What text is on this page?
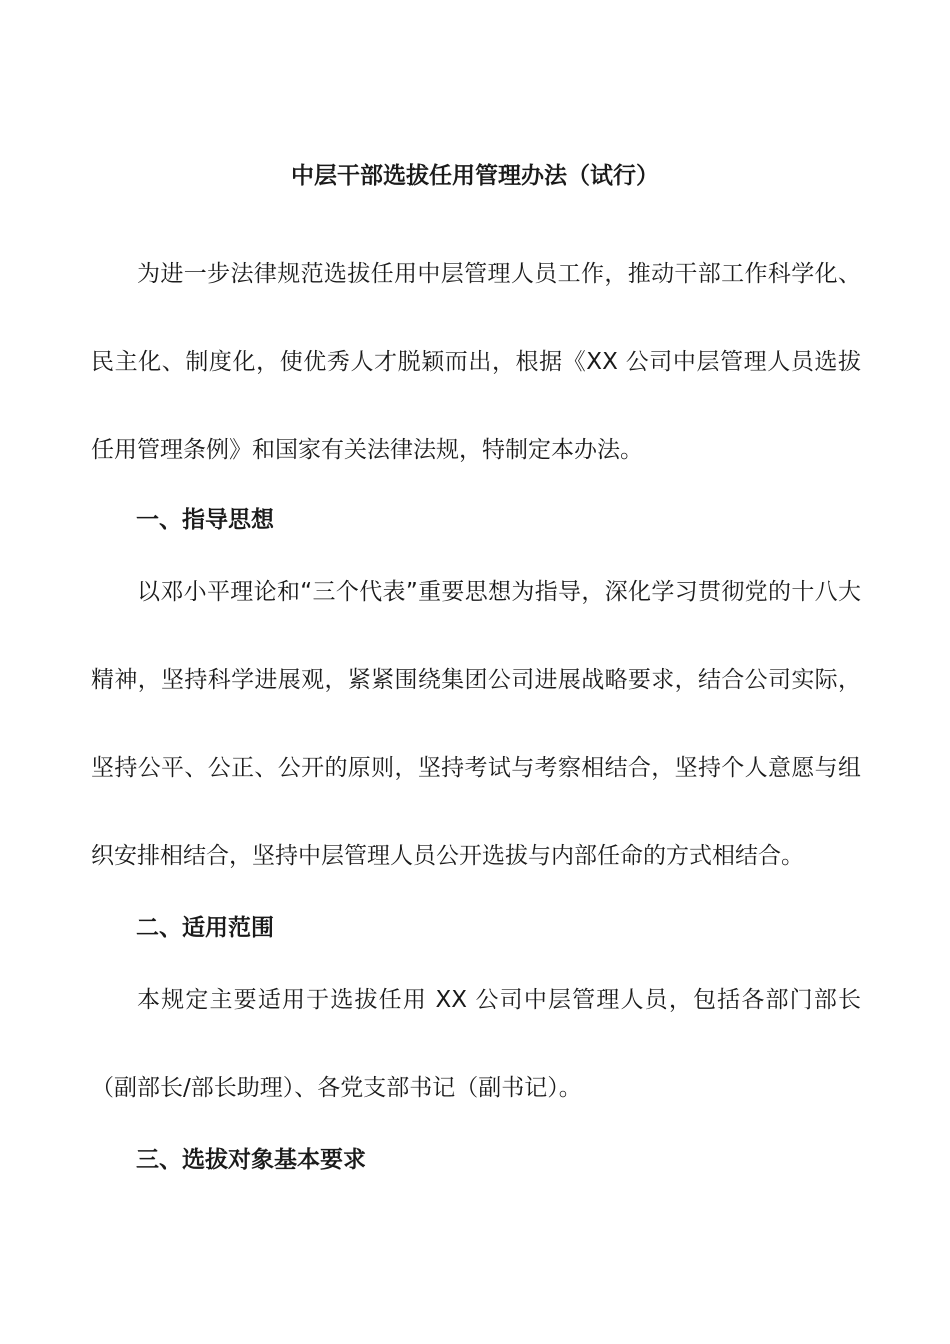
中层干部选拔任用管理办法（试行）

为进一步法律规范选拔任用中层管理人员工作，推动干部工作科学化、民主化、制度化，使优秀人才脱颖而出，根据《XX 公司中层管理人员选拔任用管理条例》和国家有关法律法规，特制定本办法。

一、指导思想

以邓小平理论和“三个代表”重要思想为指导，深化学习贯彻党的十八大精神，坚持科学进展观，紧紧围绕集团公司进展战略要求，结合公司实际，坚持公平、公正、公开的原则，坚持考试与考察相结合，坚持个人意愿与组织安排相结合，坚持中层管理人员公开选拔与内部任命的方式相结合。

二、适用范围

本规定主要适用于选拔任用 XX 公司中层管理人员，包括各部门部长（副部长/部长助理）、各党支部书记（副书记）。

三、选拔对象基本要求
